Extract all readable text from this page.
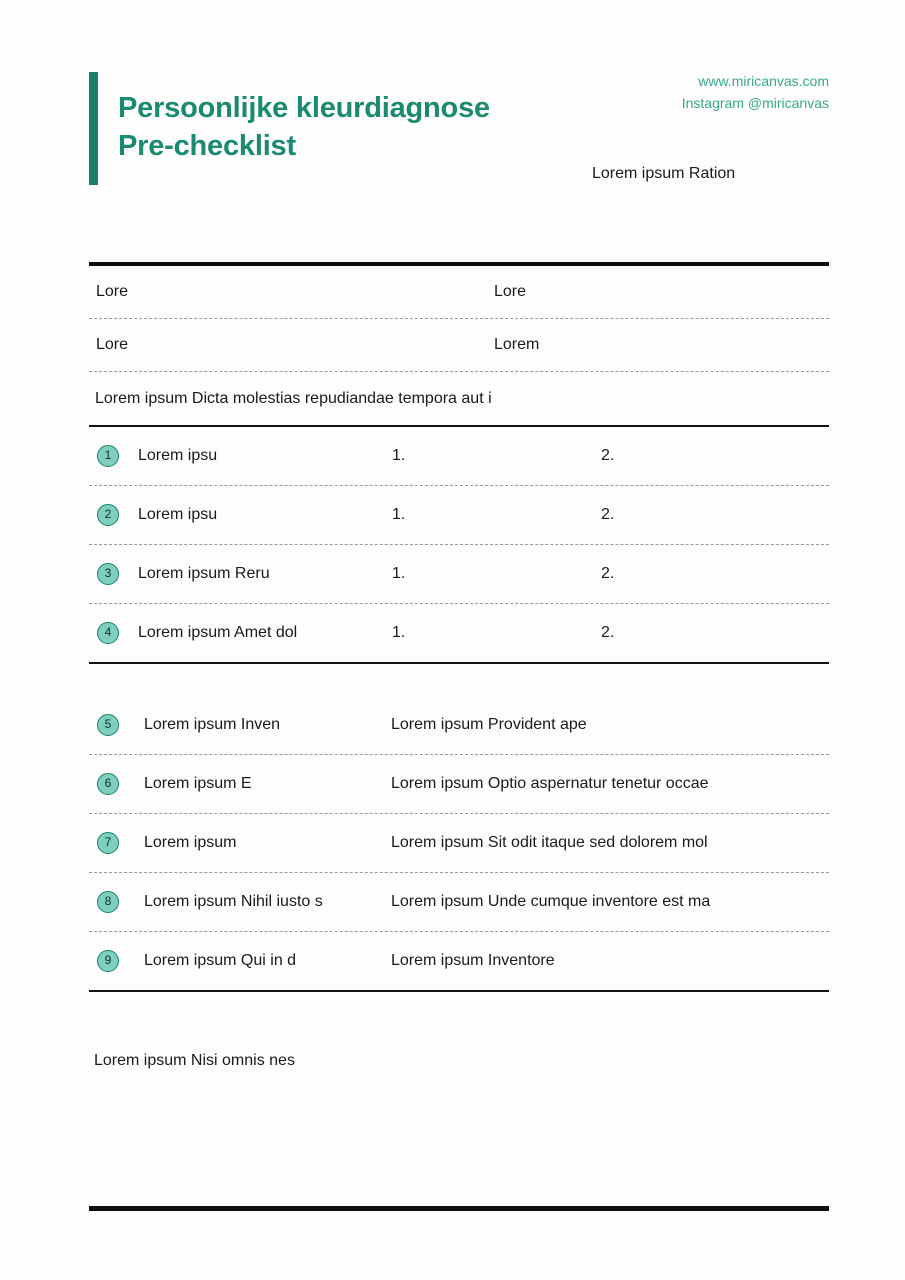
Persoonlijke kleurdiagnose
Pre-checklist
www.miricanvas.com
Instagram @miricanvas
Lorem ipsum Ration
Lore	Lore
Lore	Lorem
Lorem ipsum Dicta molestias repudiandae tempora aut i
1	Lorem ipsu	1.	2.
2	Lorem ipsu	1.	2.
3	Lorem ipsum Reru	1.	2.
4	Lorem ipsum Amet dol	1.	2.
5	Lorem ipsum Inven	Lorem ipsum Provident ape
6	Lorem ipsum E	Lorem ipsum Optio aspernatur tenetur occae
7	Lorem ipsum	Lorem ipsum Sit odit itaque sed dolorem mol
8	Lorem ipsum Nihil iusto s	Lorem ipsum Unde cumque inventore est ma
9	Lorem ipsum Qui in d	Lorem ipsum Inventore
Lorem ipsum Nisi omnis nes
